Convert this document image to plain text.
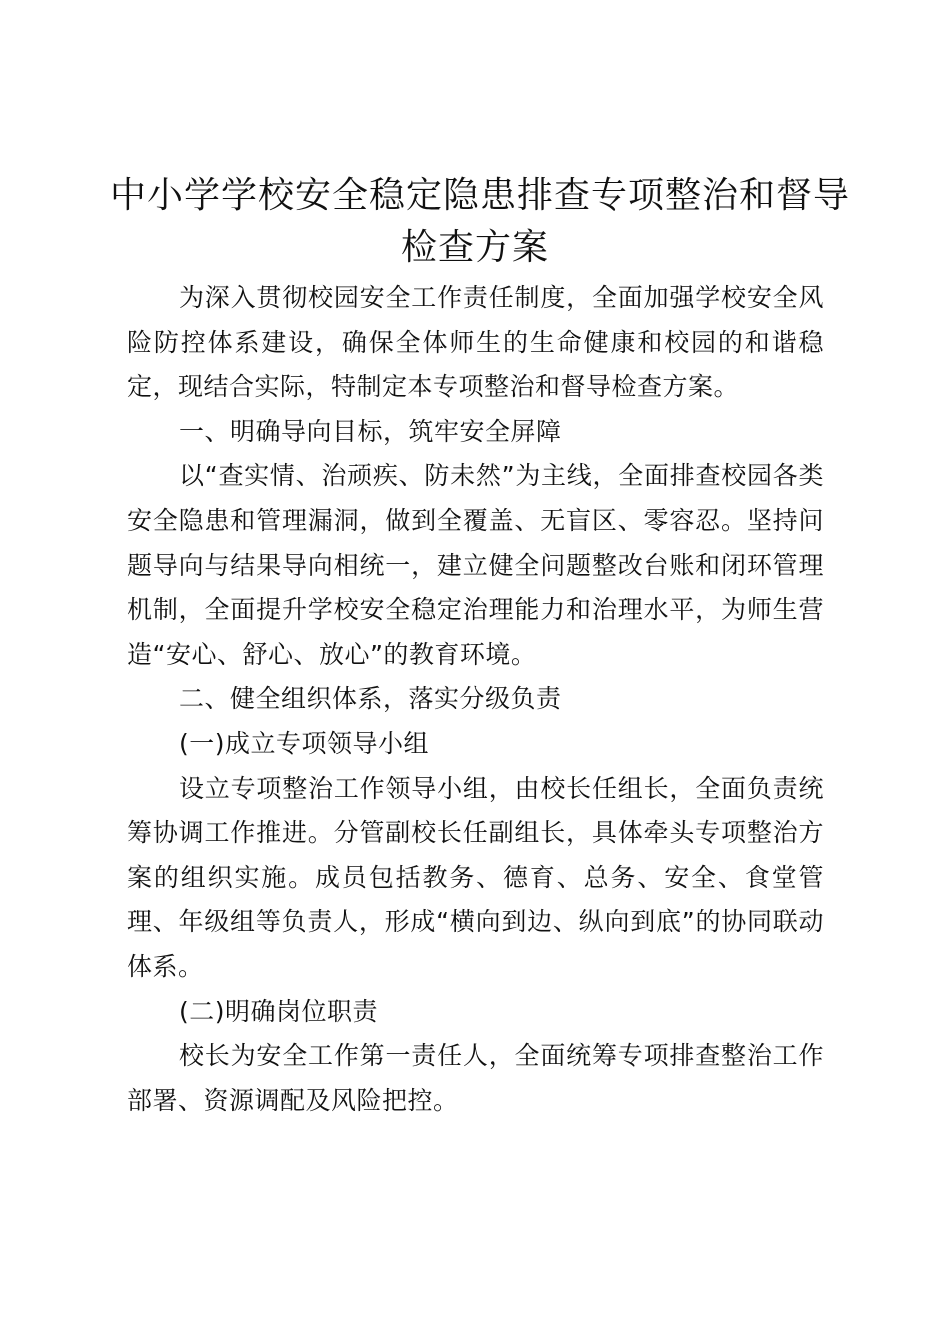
中小学学校安全稳定隐患排查专项整治和督导
检查方案

为深入贯彻校园安全工作责任制度，全面加强学校安全风险防控体系建设，确保全体师生的生命健康和校园的和谐稳定，现结合实际，特制定本专项整治和督导检查方案。

一、明确导向目标，筑牢安全屏障

以“查实情、治顽疾、防未然”为主线，全面排查校园各类安全隐患和管理漏洞，做到全覆盖、无盲区、零容忍。坚持问题导向与结果导向相统一，建立健全问题整改台账和闭环管理机制，全面提升学校安全稳定治理能力和治理水平，为师生营造“安心、舒心、放心”的教育环境。

二、健全组织体系，落实分级负责

(一)成立专项领导小组

设立专项整治工作领导小组，由校长任组长，全面负责统筹协调工作推进。分管副校长任副组长，具体牵头专项整治方案的组织实施。成员包括教务、德育、总务、安全、食堂管理、年级组等负责人，形成“横向到边、纵向到底”的协同联动体系。

(二)明确岗位职责

校长为安全工作第一责任人，全面统筹专项排查整治工作部署、资源调配及风险把控。
